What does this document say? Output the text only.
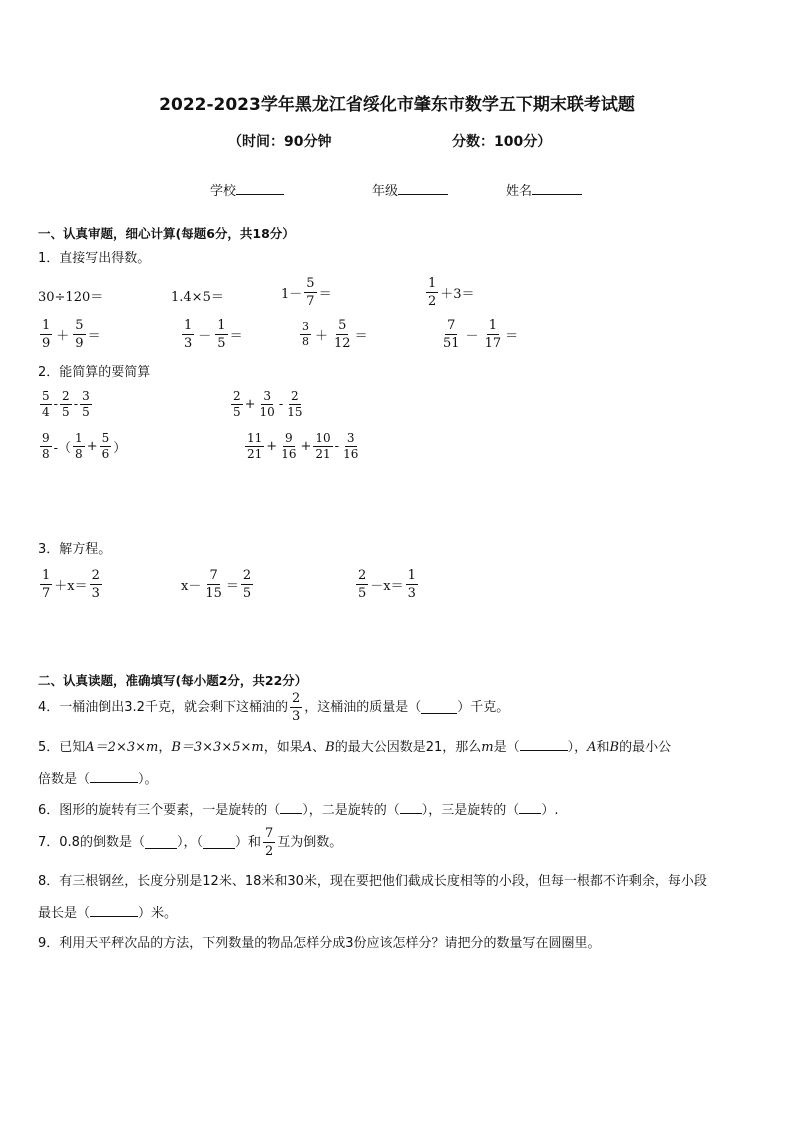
2022-2023学年黑龙江省绥化市肇东市数学五下期末联考试题
（时间：90分钟	分数：100分）
学校	年级	姓名
一、认真审题，细心计算(每题6分，共18分）
1．直接写出得数。
30÷120＝	1.4×5＝	$1- \frac{5}{7}$ ＝	$\frac{1}{2} +3=$
$\frac{1}{9} + \frac{5}{9}$ ＝	$\frac{1}{3} - \frac{1}{5}$ ＝	$\frac{3}{8} + \frac{5}{12}$ ＝	$\frac{7}{51} - \frac{1}{17}$ ＝
2．能简算的要简算
$\frac{5}{4} - \frac{2}{5} - \frac{3}{5}$	$\frac{2}{5} + \frac{3}{10} - \frac{2}{15}$
$\frac{9}{8}$ -（ $\frac{1}{8} + \frac{5}{6}$ ）	$\frac{11}{21} + \frac{9}{16} + \frac{10}{21} - \frac{3}{16}$
3．解方程。
$\frac{1}{7} +x= \frac{2}{3}$	$x- \frac{7}{15} = \frac{2}{5}$	$\frac{2}{5} -x= \frac{1}{3}$
二、认真读题，准确填写(每小题2分，共22分）
4．一桶油倒出3.2千克，就会剩下这桶油的 $\frac{2}{3}$ ，这桶油的质量是（	）千克。
5．已知A＝2×3×m，B＝3×3×5×m，如果A、B的最大公因数是21，那么m是（	），A和B的最小公
倍数是（	）。
6．图形的旋转有三个要素，一是旋转的（ ），二是旋转的（ ），三是旋转的（ ）.
7．0.8的倒数是（ ），（ ）和 $\frac{7}{2}$ 互为倒数。
8．有三根钢丝，长度分别是12米、18米和30米，现在要把他们截成长度相等的小段，但每一根都不许剩余，每小段
最长是（	）米。
9．利用天平秤次品的方法，下列数量的物品怎样分成3份应该怎样分？请把分的数量写在圆圈里。
